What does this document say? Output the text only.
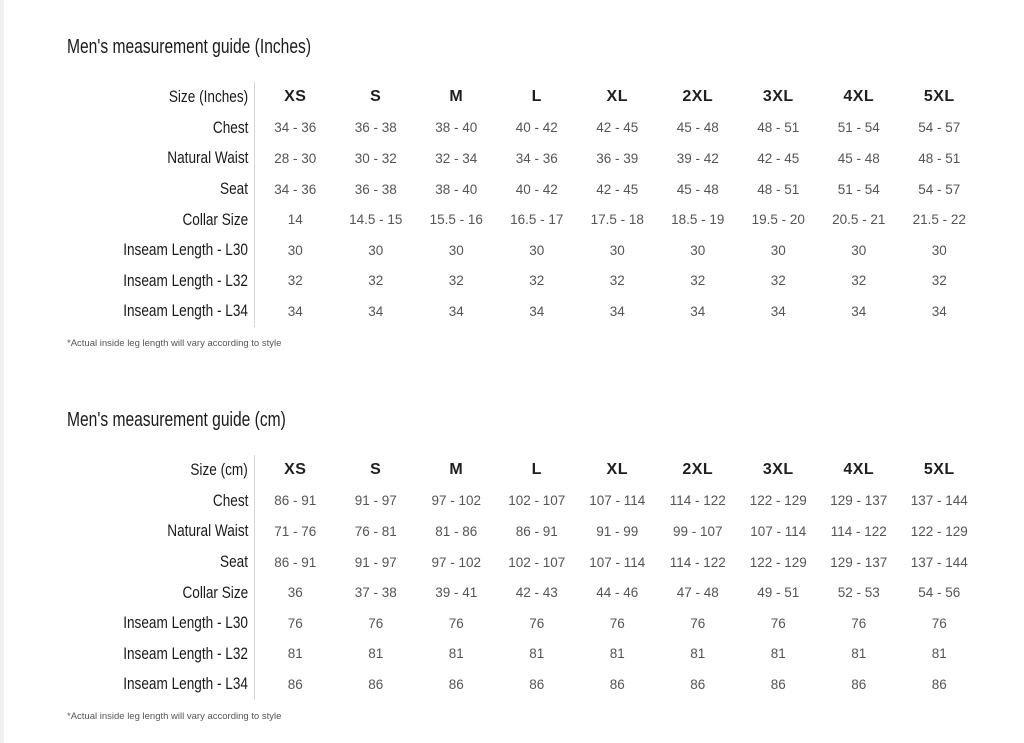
Men's measurement guide (Inches)
Size (Inches)	XS	S	M	L	XL	2XL	3XL	4XL	5XL
Chest	34 - 36	36 - 38	38 - 40	40 - 42	42 - 45	45 - 48	48 - 51	51 - 54	54 - 57
Natural Waist	28 - 30	30 - 32	32 - 34	34 - 36	36 - 39	39 - 42	42 - 45	45 - 48	48 - 51
Seat	34 - 36	36 - 38	38 - 40	40 - 42	42 - 45	45 - 48	48 - 51	51 - 54	54 - 57
Collar Size	14	14.5 - 15	15.5 - 16	16.5 - 17	17.5 - 18	18.5 - 19	19.5 - 20	20.5 - 21	21.5 - 22
Inseam Length - L30	30	30	30	30	30	30	30	30	30
Inseam Length - L32	32	32	32	32	32	32	32	32	32
Inseam Length - L34	34	34	34	34	34	34	34	34	34

*Actual inside leg length will vary according to style

Men's measurement guide (cm)
Size (cm)	XS	S	M	L	XL	2XL	3XL	4XL	5XL
Chest	86 - 91	91 - 97	97 - 102	102 - 107	107 - 114	114 - 122	122 - 129	129 - 137	137 - 144
Natural Waist	71 - 76	76 - 81	81 - 86	86 - 91	91 - 99	99 - 107	107 - 114	114 - 122	122 - 129
Seat	86 - 91	91 - 97	97 - 102	102 - 107	107 - 114	114 - 122	122 - 129	129 - 137	137 - 144
Collar Size	36	37 - 38	39 - 41	42 - 43	44 - 46	47 - 48	49 - 51	52 - 53	54 - 56
Inseam Length - L30	76	76	76	76	76	76	76	76	76
Inseam Length - L32	81	81	81	81	81	81	81	81	81
Inseam Length - L34	86	86	86	86	86	86	86	86	86

*Actual inside leg length will vary according to style
